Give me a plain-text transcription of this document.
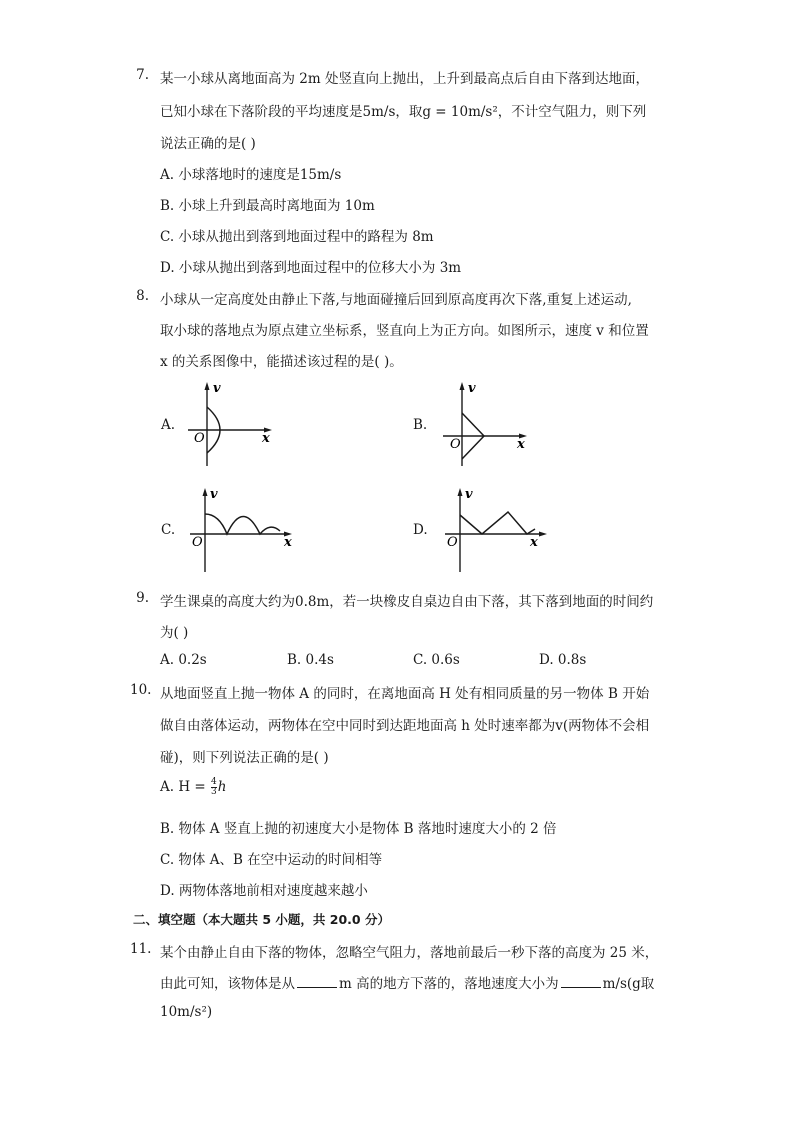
7. 某一小球从离地面高为 2m 处竖直向上抛出，上升到最高点后自由下落到达地面，
已知小球在下落阶段的平均速度是5m/s，取g = 10m/s²，不计空气阻力，则下列
说法正确的是( )
A. 小球落地时的速度是15m/s
B. 小球上升到最高时离地面为 10m
C. 小球从抛出到落到地面过程中的路程为 8m
D. 小球从抛出到落到地面过程中的位移大小为 3m
8. 小球从一定高度处由静止下落,与地面碰撞后回到原高度再次下落,重复上述运动,
取小球的落地点为原点建立坐标系，竖直向上为正方向。如图所示，速度 v 和位置
x 的关系图像中，能描述该过程的是( )。
A.
v
x
O
B.
v
x
O
C.
v
x
O
D.
v
x
O
9. 学生课桌的高度大约为0.8m，若一块橡皮自桌边自由下落，其下落到地面的时间约
为( )
A. 0.2s	B. 0.4s	C. 0.6s	D. 0.8s
10. 从地面竖直上抛一物体 A 的同时，在离地面高 H 处有相同质量的另一物体 B 开始
做自由落体运动，两物体在空中同时到达距地面高 h 处时速率都为v(两物体不会相
碰)，则下列说法正确的是( )
A. $H = \frac{4}{3}$ h
B. 物体 A 竖直上抛的初速度大小是物体 B 落地时速度大小的 2 倍
C. 物体 A、B 在空中运动的时间相等
D. 两物体落地前相对速度越来越小
二、填空题（本大题共 5 小题，共 20.0 分）
11. 某个由静止自由下落的物体，忽略空气阻力，落地前最后一秒下落的高度为 25 米，
由此可知，该物体是从	m 高的地方下落的，落地速度大小为	m/s(g取
10m/s²)
